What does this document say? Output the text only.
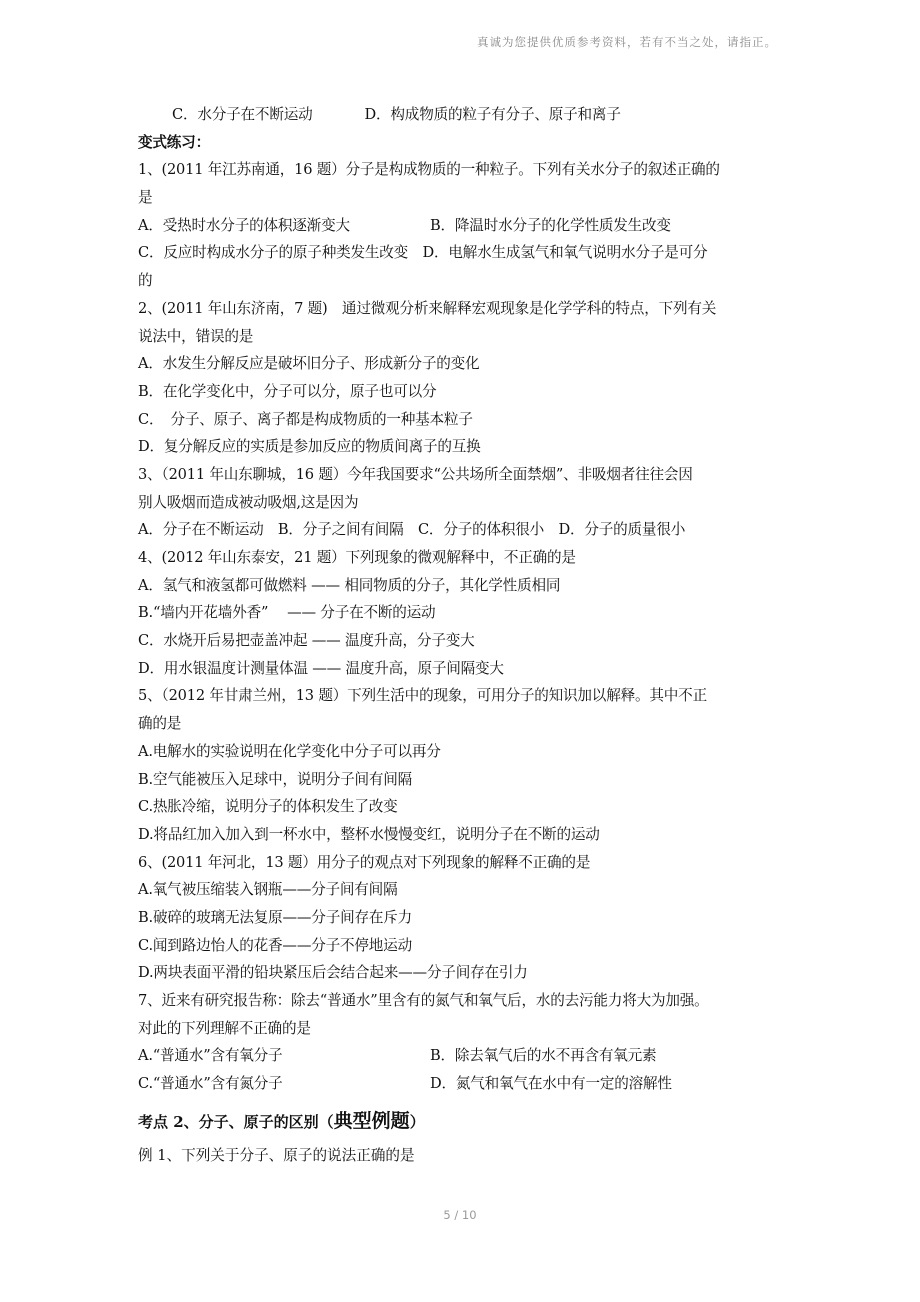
真诚为您提供优质参考资料，若有不当之处，请指正。
C．水分子在不断运动	D．构成物质的粒子有分子、原子和离子
变式练习：
1、(2011 年江苏南通，16 题）分子是构成物质的一种粒子。下列有关水分子的叙述正确的
是
A．受热时水分子的体积逐渐变大	B．降温时水分子的化学性质发生改变
C．反应时构成水分子的原子种类发生改变　D．电解水生成氢气和氧气说明水分子是可分
的
2、(2011 年山东济南，7 题)　通过微观分析来解释宏观现象是化学学科的特点，下列有关
说法中，错误的是
A．水发生分解反应是破坏旧分子、形成新分子的变化
B．在化学变化中，分子可以分，原子也可以分
C．　分子、原子、离子都是构成物质的一种基本粒子
D．复分解反应的实质是参加反应的物质间离子的互换
3、（2011 年山东聊城，16 题）今年我国要求“公共场所全面禁烟”、非吸烟者往往会因
别人吸烟而造成被动吸烟,这是因为
A．分子在不断运动　B．分子之间有间隔　C．分子的体积很小　D．分子的质量很小
4、(2012 年山东泰安，21 题）下列现象的微观解释中，不正确的是
A．氢气和液氢都可做燃料 —— 相同物质的分子，其化学性质相同
B.“墙内开花墙外香”　 —— 分子在不断的运动
C．水烧开后易把壶盖冲起 —— 温度升高，分子变大
D．用水银温度计测量体温 —— 温度升高，原子间隔变大
5、（2012 年甘肃兰州，13 题）下列生活中的现象，可用分子的知识加以解释。其中不正
确的是
A.电解水的实验说明在化学变化中分子可以再分
B.空气能被压入足球中，说明分子间有间隔
C.热胀冷缩，说明分子的体积发生了改变
D.将品红加入加入到一杯水中，整杯水慢慢变红，说明分子在不断的运动
6、(2011 年河北，13 题）用分子的观点对下列现象的解释不正确的是
A.氧气被压缩装入钢瓶——分子间有间隔
B.破碎的玻璃无法复原——分子间存在斥力
C.闻到路边怡人的花香——分子不停地运动
D.两块表面平滑的铅块紧压后会结合起来——分子间存在引力
7、近来有研究报告称：除去“普通水”里含有的氮气和氧气后，水的去污能力将大为加强。
对此的下列理解不正确的是
A.“普通水”含有氧分子	B．除去氧气后的水不再含有氧元素
C.“普通水”含有氮分子	D．氮气和氧气在水中有一定的溶解性
考点 2、分子、原子的区别（典型例题）
例 1、下列关于分子、原子的说法正确的是
5 / 10
